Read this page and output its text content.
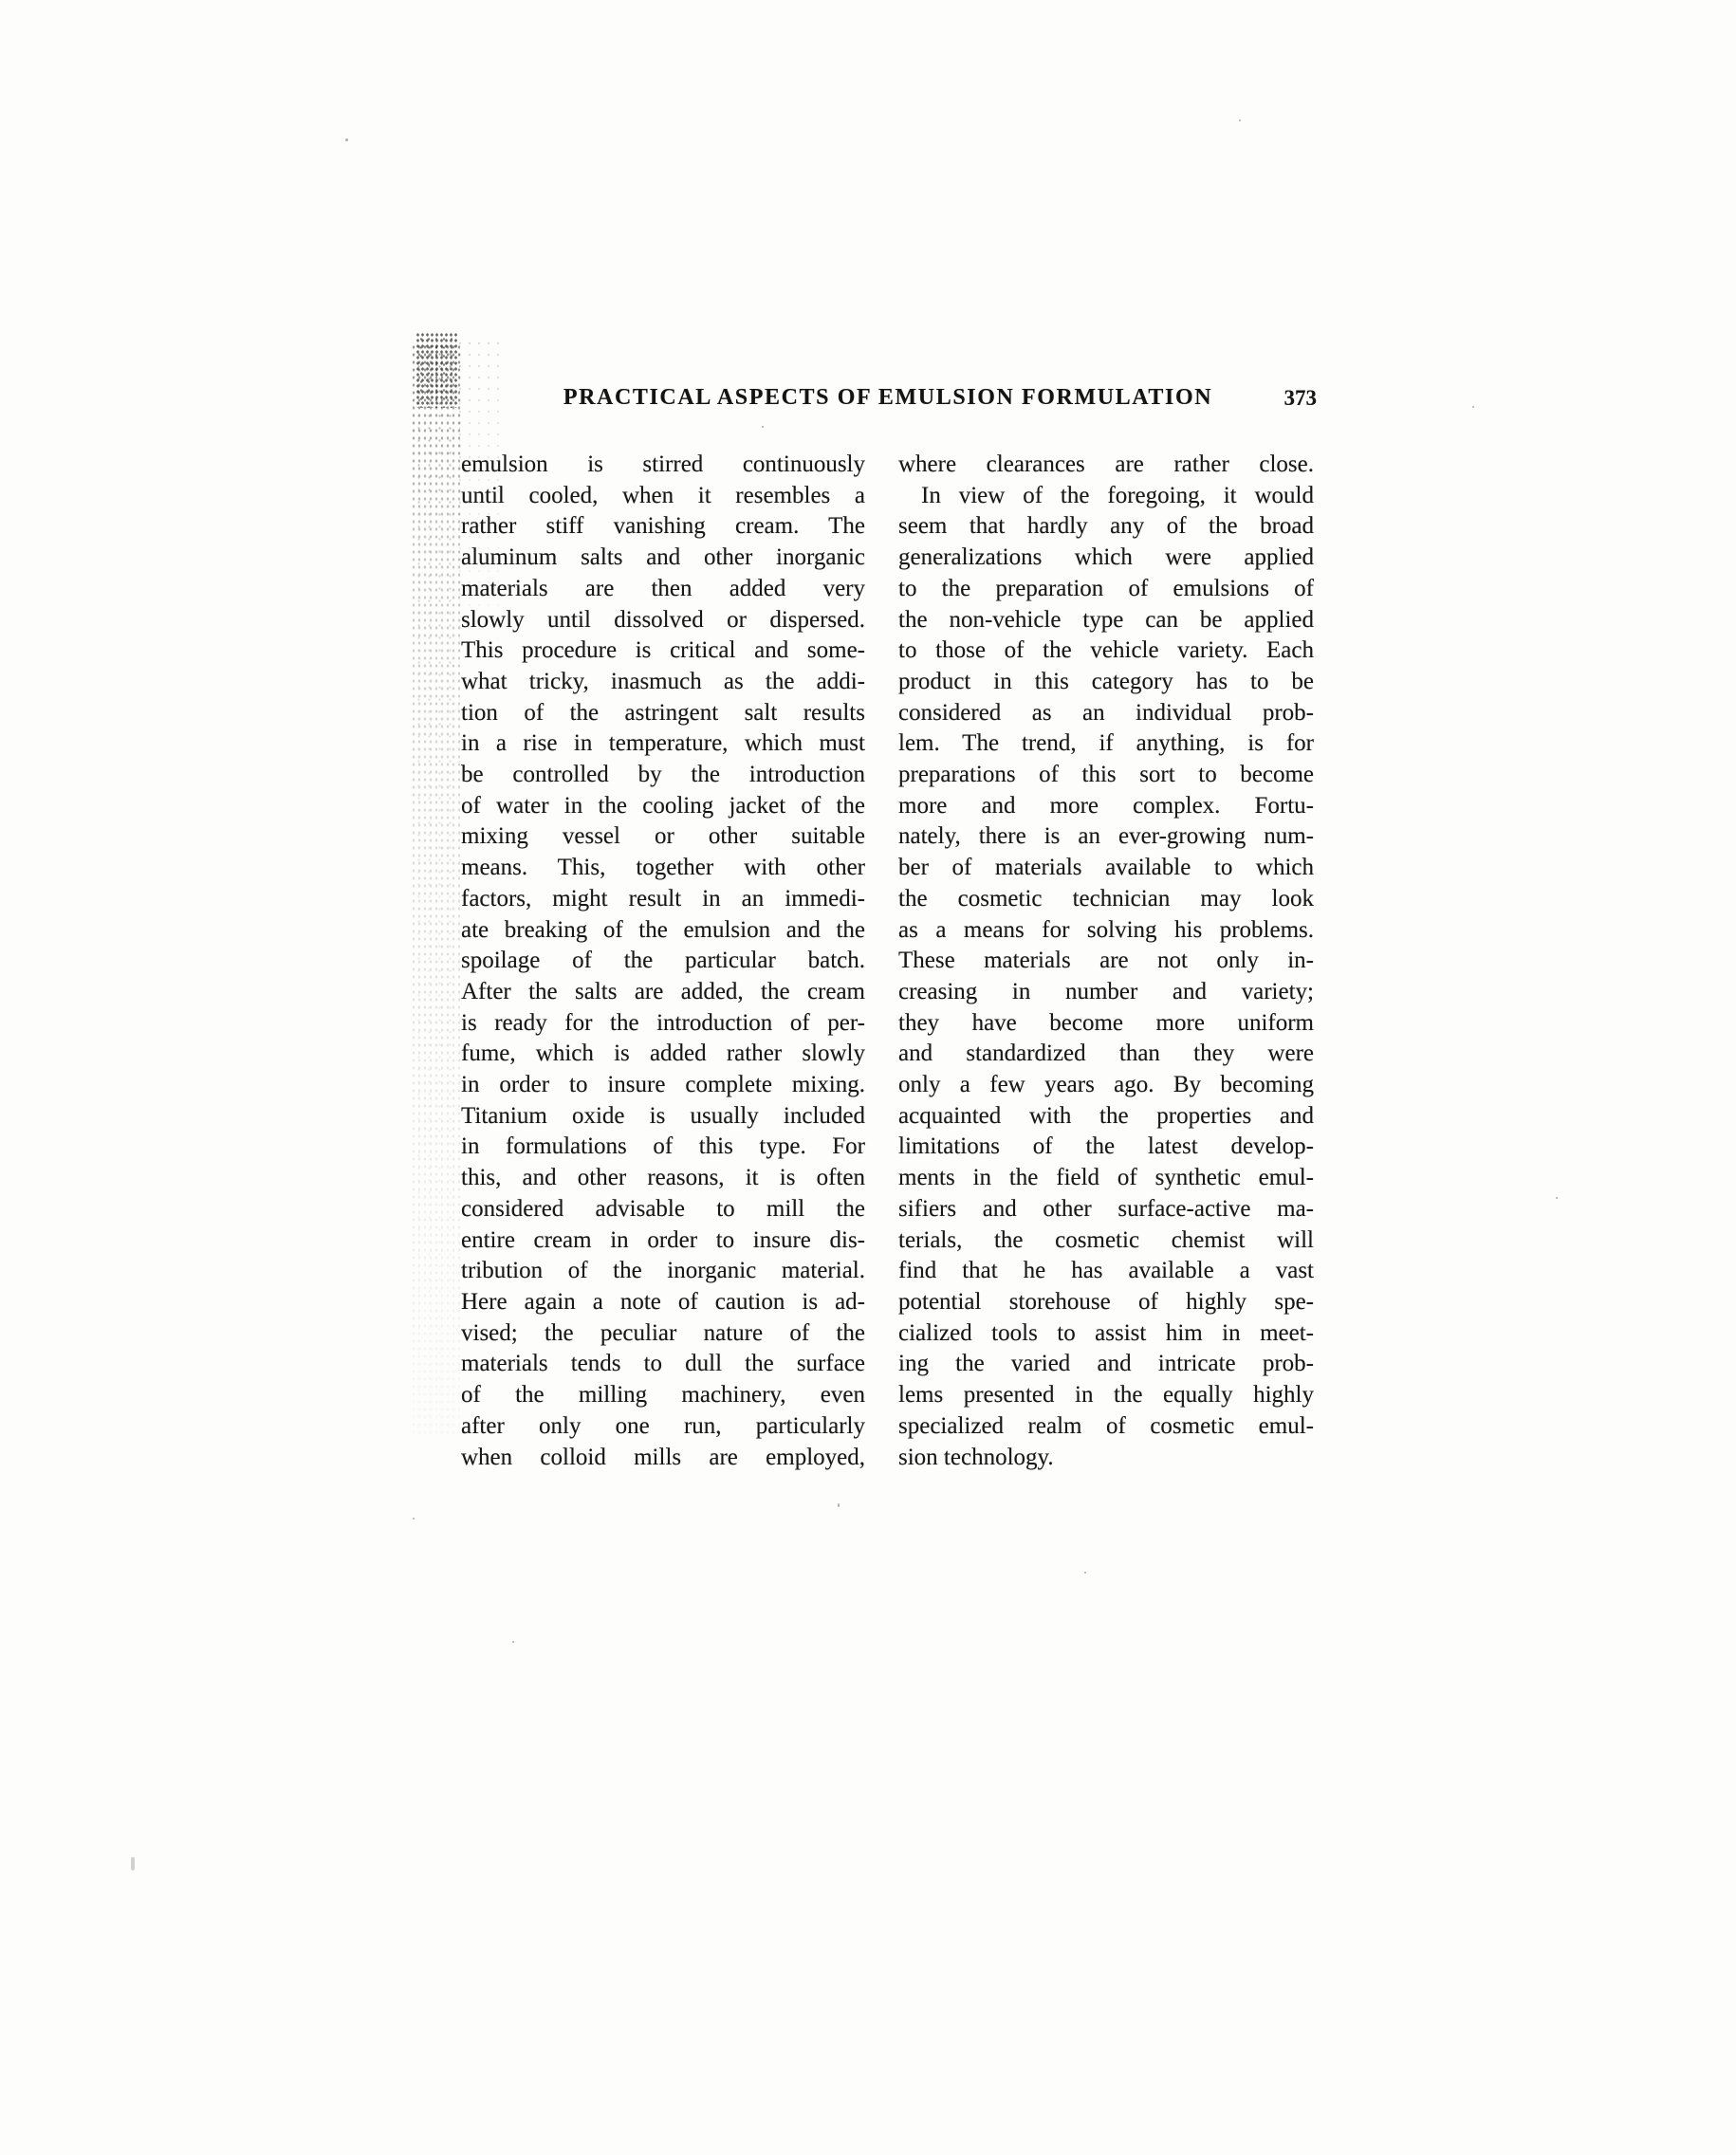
PRACTICAL ASPECTS OF EMULSION FORMULATION	373
emulsion is stirred continuously
until cooled, when it resembles a
rather stiff vanishing cream. The
aluminum salts and other inorganic
materials are then added very
slowly until dissolved or dispersed.
This procedure is critical and some-
what tricky, inasmuch as the addi-
tion of the astringent salt results
in a rise in temperature, which must
be controlled by the introduction
of water in the cooling jacket of the
mixing vessel or other suitable
means. This, together with other
factors, might result in an immedi-
ate breaking of the emulsion and the
spoilage of the particular batch.
After the salts are added, the cream
is ready for the introduction of per-
fume, which is added rather slowly
in order to insure complete mixing.
Titanium oxide is usually included
in formulations of this type. For
this, and other reasons, it is often
considered advisable to mill the
entire cream in order to insure dis-
tribution of the inorganic material.
Here again a note of caution is ad-
vised; the peculiar nature of the
materials tends to dull the surface
of the milling machinery, even
after only one run, particularly
when colloid mills are employed,
where clearances are rather close.
In view of the foregoing, it would
seem that hardly any of the broad
generalizations which were applied
to the preparation of emulsions of
the non-vehicle type can be applied
to those of the vehicle variety. Each
product in this category has to be
considered as an individual prob-
lem. The trend, if anything, is for
preparations of this sort to become
more and more complex. Fortu-
nately, there is an ever-growing num-
ber of materials available to which
the cosmetic technician may look
as a means for solving his problems.
These materials are not only in-
creasing in number and variety;
they have become more uniform
and standardized than they were
only a few years ago. By becoming
acquainted with the properties and
limitations of the latest develop-
ments in the field of synthetic emul-
sifiers and other surface-active ma-
terials, the cosmetic chemist will
find that he has available a vast
potential storehouse of highly spe-
cialized tools to assist him in meet-
ing the varied and intricate prob-
lems presented in the equally highly
specialized realm of cosmetic emul-
sion technology.
